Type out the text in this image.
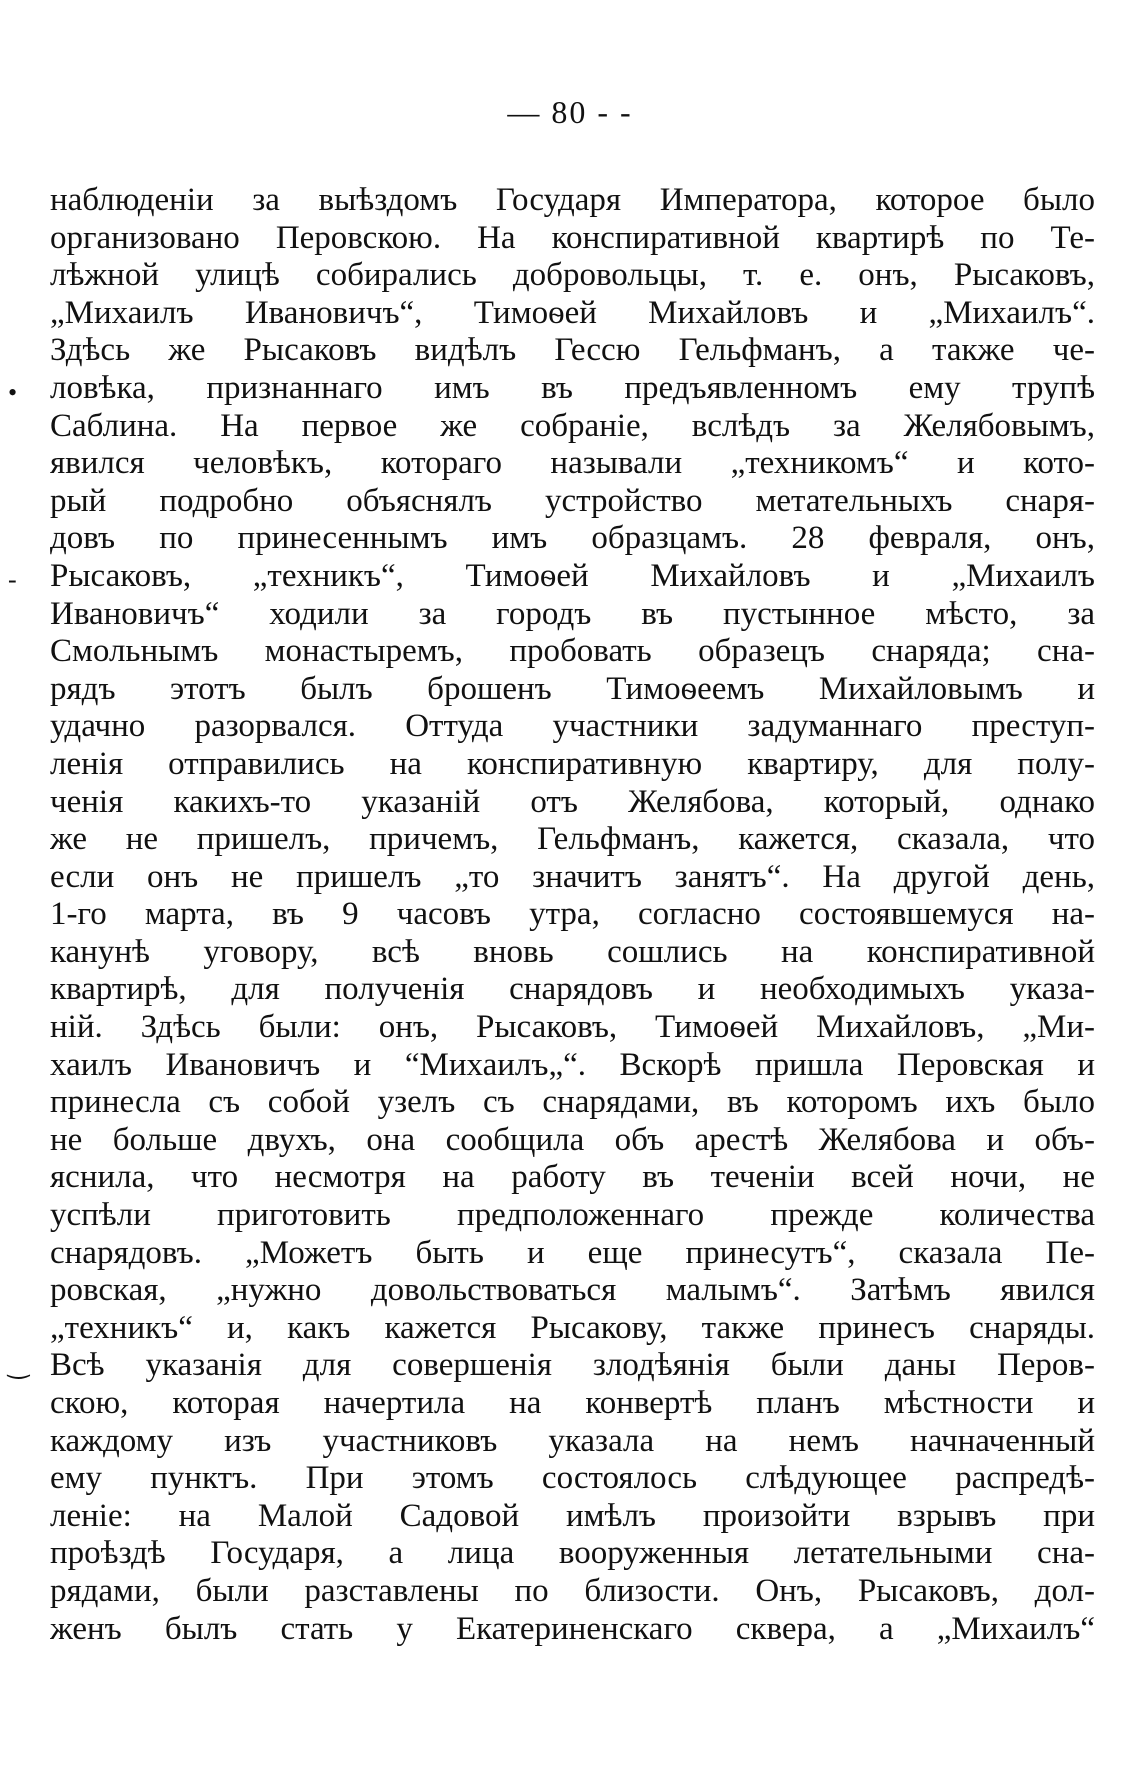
— 80 - -
•
-
‿
наблюденіи за выѣздомъ Государя Императора, которое было
организовано Перовскою. На конспиративной квартирѣ по Те-
лѣжной улицѣ собирались добровольцы, т. е. онъ, Рысаковъ,
„Михаилъ Ивановичъ“, Тимоѳей Михайловъ и „Михаилъ“.
Здѣсь же Рысаковъ видѣлъ Гессю Гельфманъ, а также че-
ловѣка, признаннаго имъ въ предъявленномъ ему трупѣ
Саблина. На первое же собраніе, вслѣдъ за Желябовымъ,
явился человѣкъ, котораго называли „техникомъ“ и кото-
рый подробно объяснялъ устройство метательныхъ снаря-
довъ по принесеннымъ имъ образцамъ. 28 февраля, онъ,
Рысаковъ, „техникъ“, Тимоѳей Михайловъ и „Михаилъ
Ивановичъ“ ходили за городъ въ пустынное мѣсто, за
Смольнымъ монастыремъ, пробовать образецъ снаряда; сна-
рядъ этотъ былъ брошенъ Тимоѳеемъ Михайловымъ и
удачно разорвался. Оттуда участники задуманнаго преступ-
ленія отправились на конспиративную квартиру, для полу-
ченія какихъ-то указаній отъ Желябова, который, однако
же не пришелъ, причемъ, Гельфманъ, кажется, сказала, что
если онъ не пришелъ „то значитъ занятъ“. На другой день,
1-го марта, въ 9 часовъ утра, согласно состоявшемуся на-
канунѣ уговору, всѣ вновь сошлись на конспиративной
квартирѣ, для полученія снарядовъ и необходимыхъ указа-
ній. Здѣсь были: онъ, Рысаковъ, Тимоѳей Михайловъ, „Ми-
хаилъ Ивановичъ и “Михаилъ„“. Вскорѣ пришла Перовская и
принесла съ собой узелъ съ снарядами, въ которомъ ихъ было
не больше двухъ, она сообщила объ арестѣ Желябова и объ-
яснила, что несмотря на работу въ теченіи всей ночи, не
успѣли приготовить предположеннаго прежде количества
снарядовъ. „Можетъ быть и еще принесутъ“, сказала Пе-
ровская, „нужно довольствоваться малымъ“. Затѣмъ явился
„техникъ“ и, какъ кажется Рысакову, также принесъ снаряды.
Всѣ указанія для совершенія злодѣянія были даны Перов-
скою, которая начертила на конвертѣ планъ мѣстности и
каждому изъ участниковъ указала на немъ начначенный
ему пунктъ. При этомъ состоялось слѣдующее распредѣ-
леніе: на Малой Садовой имѣлъ произойти взрывъ при
проѣздѣ Государя, а лица вооруженныя летательными сна-
рядами, были разставлены по близости. Онъ, Рысаковъ, дол-
женъ былъ стать у Екатериненскаго сквера, а „Михаилъ“
